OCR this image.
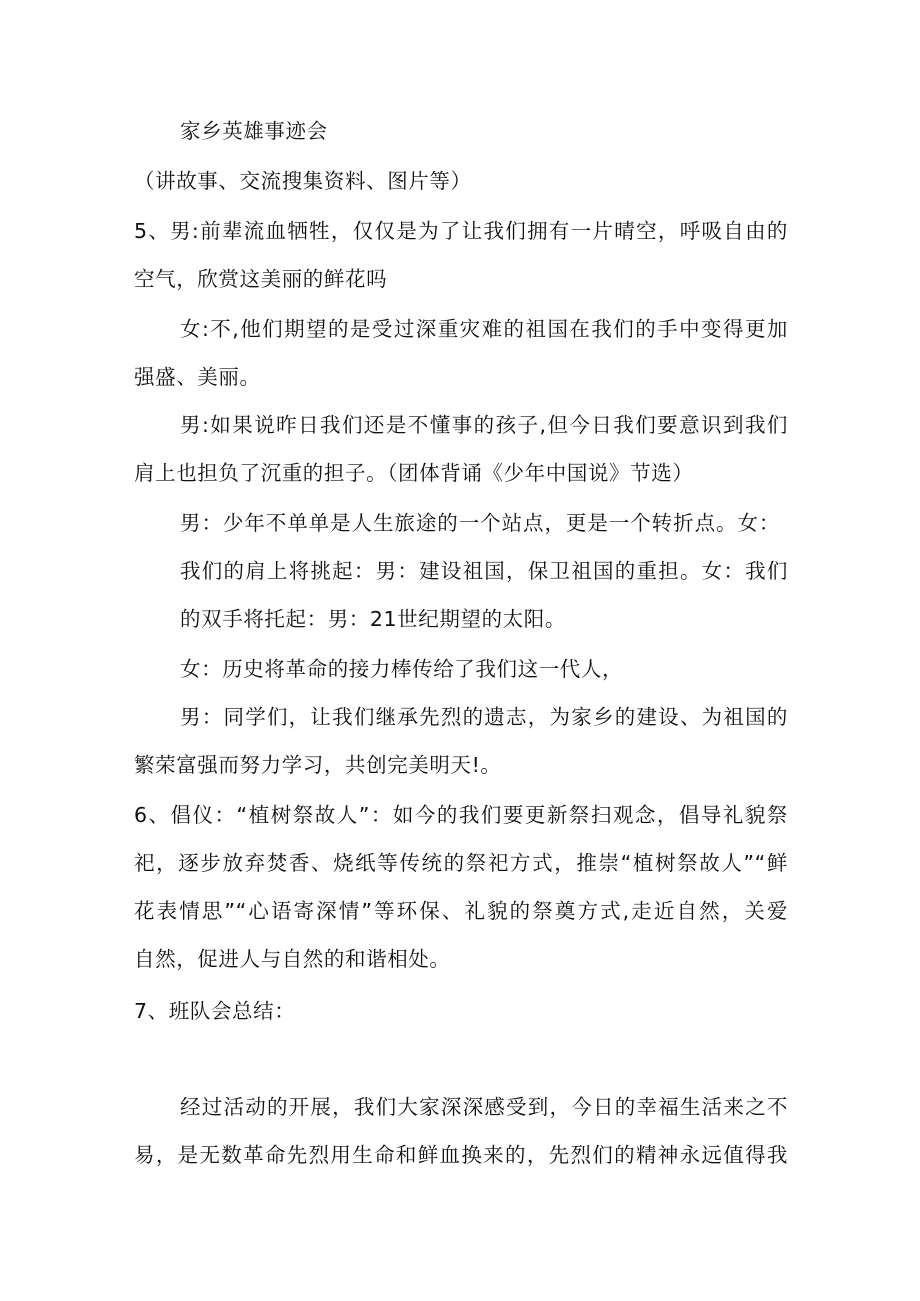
家乡英雄事迹会
（讲故事、交流搜集资料、图片等）
5、男:前辈流血牺牲，仅仅是为了让我们拥有一片晴空，呼吸自由的
空气，欣赏这美丽的鲜花吗
女:不,他们期望的是受过深重灾难的祖国在我们的手中变得更加
强盛、美丽。
男:如果说昨日我们还是不懂事的孩子,但今日我们要意识到我们
肩上也担负了沉重的担子。（团体背诵《少年中国说》节选）
男：少年不单单是人生旅途的一个站点，更是一个转折点。女：
我们的肩上将挑起：男：建设祖国，保卫祖国的重担。女：我们
的双手将托起：男：21世纪期望的太阳。
女：历史将革命的接力棒传给了我们这一代人，
男：同学们，让我们继承先烈的遗志，为家乡的建设、为祖国的
繁荣富强而努力学习，共创完美明天!。
6、倡仪：“植树祭故人”：如今的我们要更新祭扫观念，倡导礼貌祭
祀，逐步放弃焚香、烧纸等传统的祭祀方式，推崇“植树祭故人”“鲜
花表情思”“心语寄深情”等环保、礼貌的祭奠方式,走近自然，关爱
自然，促进人与自然的和谐相处。
7、班队会总结：
经过活动的开展，我们大家深深感受到，今日的幸福生活来之不
易，是无数革命先烈用生命和鲜血换来的，先烈们的精神永远值得我
